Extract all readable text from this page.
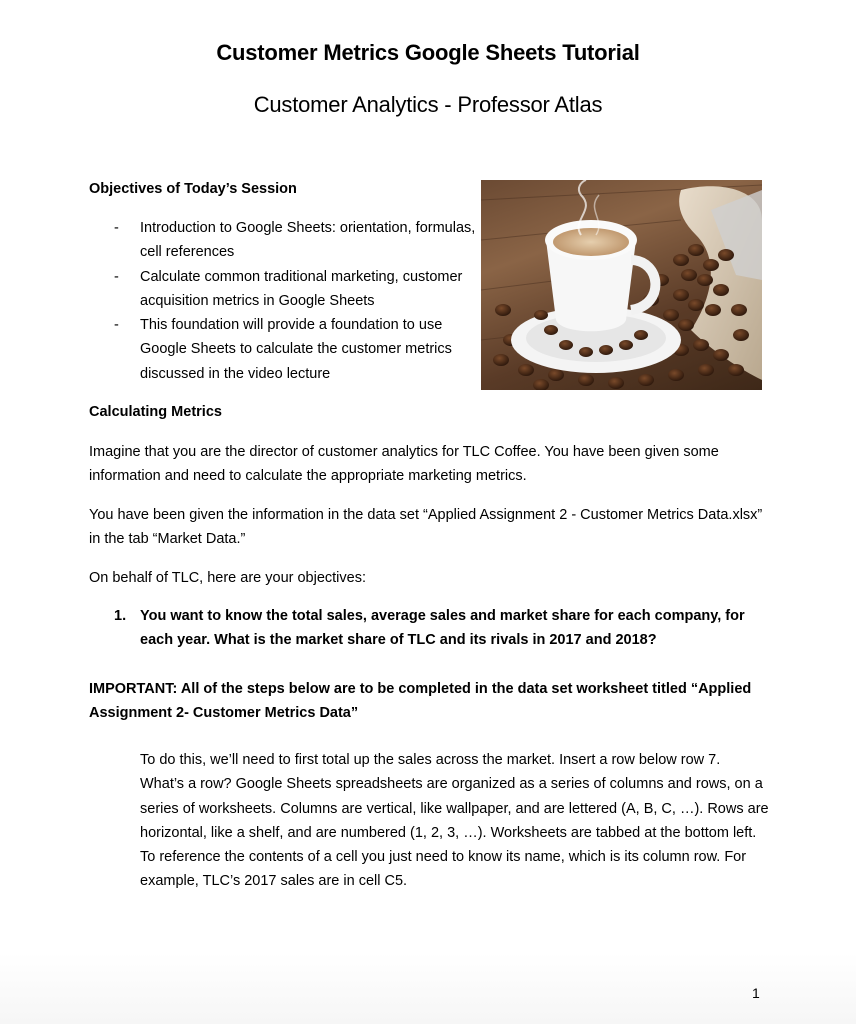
Customer Metrics Google Sheets Tutorial
Customer Analytics - Professor Atlas
Objectives of Today’s Session
- Introduction to Google Sheets: orientation, formulas, cell references
- Calculate common traditional marketing, customer acquisition metrics in Google Sheets
- This foundation will provide a foundation to use Google Sheets to calculate the customer metrics discussed in the video lecture
Calculating Metrics

Imagine that you are the director of customer analytics for TLC Coffee. You have been given some information and need to calculate the appropriate marketing metrics.

You have been given the information in the data set “Applied Assignment 2 - Customer Metrics Data.xlsx” in the tab “Market Data.”

On behalf of TLC, here are your objectives:

1. You want to know the total sales, average sales and market share for each company, for each year. What is the market share of TLC and its rivals in 2017 and 2018?

IMPORTANT: All of the steps below are to be completed in the data set worksheet titled “Applied Assignment 2- Customer Metrics Data”

To do this, we’ll need to first total up the sales across the market. Insert a row below row 7.
What’s a row? Google Sheets spreadsheets are organized as a series of columns and rows, on a series of worksheets. Columns are vertical, like wallpaper, and are lettered (A, B, C, …). Rows are horizontal, like a shelf, and are numbered (1, 2, 3, …). Worksheets are tabbed at the bottom left. To reference the contents of a cell you just need to know its name, which is its column row. For example, TLC’s 2017 sales are in cell C5.
1
